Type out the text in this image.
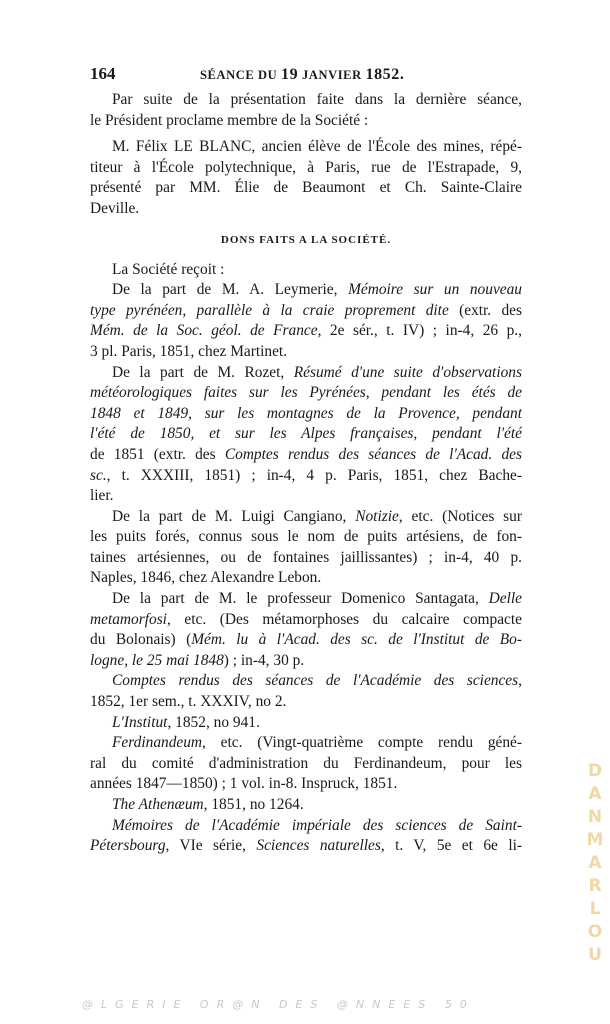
164	SÉANCE DU 19 JANVIER 1852.
Par suite de la présentation faite dans la dernière séance,
le Président proclame membre de la Société :
M. Félix LE BLANC, ancien élève de l'École des mines, répé-
titeur à l'École polytechnique, à Paris, rue de l'Estrapade, 9,
présenté par MM. Élie de Beaumont et Ch. Sainte-Claire
Deville.
DONS FAITS A LA SOCIÉTÉ.
La Société reçoit :
De la part de M. A. Leymerie, Mémoire sur un nouveau
type pyrénéen, parallèle à la craie proprement dite (extr. des
Mém. de la Soc. géol. de France, 2e sér., t. IV) ; in-4, 26 p.,
3 pl. Paris, 1851, chez Martinet.
De la part de M. Rozet, Résumé d'une suite d'observations
météorologiques faites sur les Pyrénées, pendant les étés de
1848 et 1849, sur les montagnes de la Provence, pendant
l'été de 1850, et sur les Alpes françaises, pendant l'été
de 1851 (extr. des Comptes rendus des séances de l'Acad. des
sc., t. XXXIII, 1851) ; in-4, 4 p. Paris, 1851, chez Bache-
lier.
De la part de M. Luigi Cangiano, Notizie, etc. (Notices sur
les puits forés, connus sous le nom de puits artésiens, de fon-
taines artésiennes, ou de fontaines jaillissantes) ; in-4, 40 p.
Naples, 1846, chez Alexandre Lebon.
De la part de M. le professeur Domenico Santagata, Delle
metamorfosi, etc. (Des métamorphoses du calcaire compacte
du Bolonais) (Mém. lu à l'Acad. des sc. de l'Institut de Bo-
logne, le 25 mai 1848) ; in-4, 30 p.
Comptes rendus des séances de l'Académie des sciences,
1852, 1er sem., t. XXXIV, no 2.
L'Institut, 1852, no 941.
Ferdinandeum, etc. (Vingt-quatrième compte rendu géné-
ral du comité d'administration du Ferdinandeum, pour les
années 1847—1850) ; 1 vol. in-8. Inspruck, 1851.
The Athenæum, 1851, no 1264.
Mémoires de l'Académie impériale des sciences de Saint-
Pétersbourg, VIe série, Sciences naturelles, t. V, 5e et 6e li-
DANMARLOU
@LGERIE OR@N DES @NNEES 50
